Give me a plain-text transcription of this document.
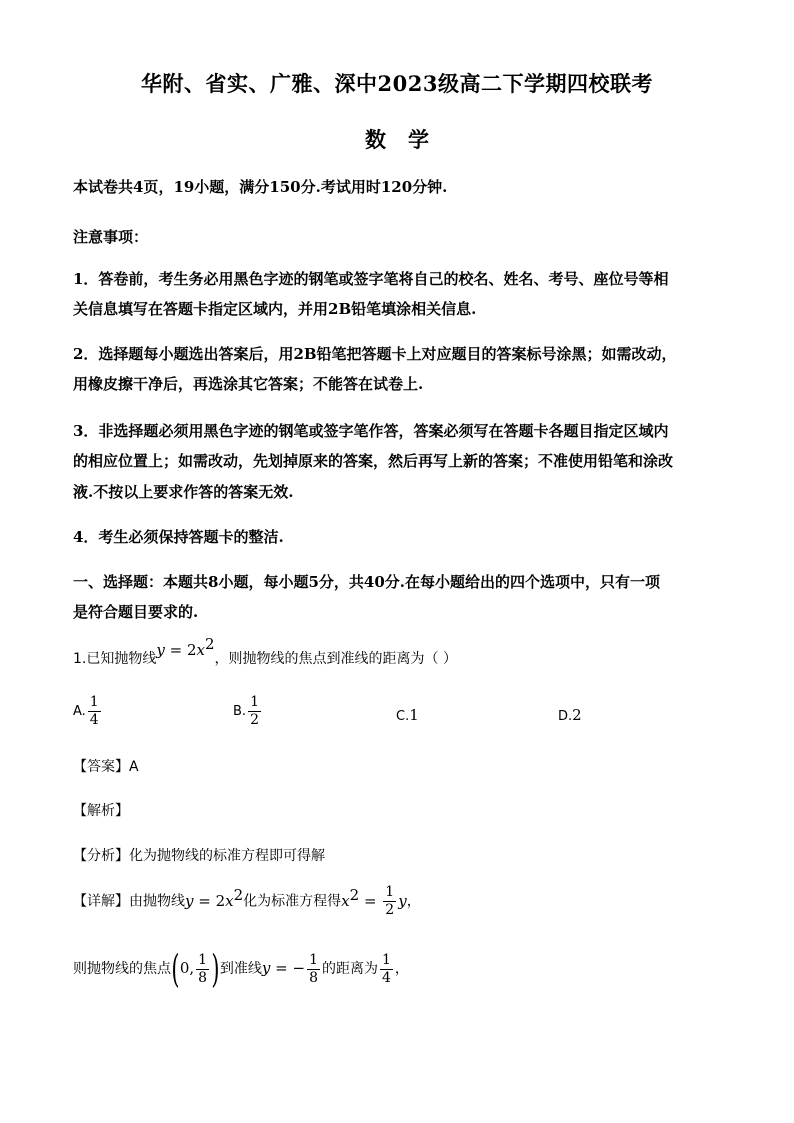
华附、省实、广雅、深中2023级高二下学期四校联考
数学
本试卷共4页，19小题，满分150分.考试用时120分钟.
注意事项：
1．答卷前，考生务必用黑色字迹的钢笔或签字笔将自己的校名、姓名、考号、座位号等相
关信息填写在答题卡指定区域内，并用2B铅笔填涂相关信息.
2．选择题每小题选出答案后，用2B铅笔把答题卡上对应题目的答案标号涂黑；如需改动，
用橡皮擦干净后，再选涂其它答案；不能答在试卷上.
3．非选择题必须用黑色字迹的钢笔或签字笔作答，答案必须写在答题卡各题目指定区域内
的相应位置上；如需改动，先划掉原来的答案，然后再写上新的答案；不准使用铅笔和涂改
液.不按以上要求作答的答案无效.
4．考生必须保持答题卡的整洁.
一、选择题：本题共8小题，每小题5分，共40分.在每小题给出的四个选项中，只有一项
是符合题目要求的.
1.已知抛物线$y = 2x^2$，则抛物线的焦点到准线的距离为（ ）
A. $\frac{1}{4}$	B. $\frac{1}{2}$	C.1	D.2
【答案】A
【解析】
【分析】化为抛物线的标准方程即可得解
【详解】由抛物线$y = 2x^2$化为标准方程得$x^2 = \frac{1}{2}$ y，
则抛物线的焦点(0, $\frac{1}{8}$ )到准线y = − $\frac{1}{8}$ 的距离为 $\frac{1}{4}$ ，
